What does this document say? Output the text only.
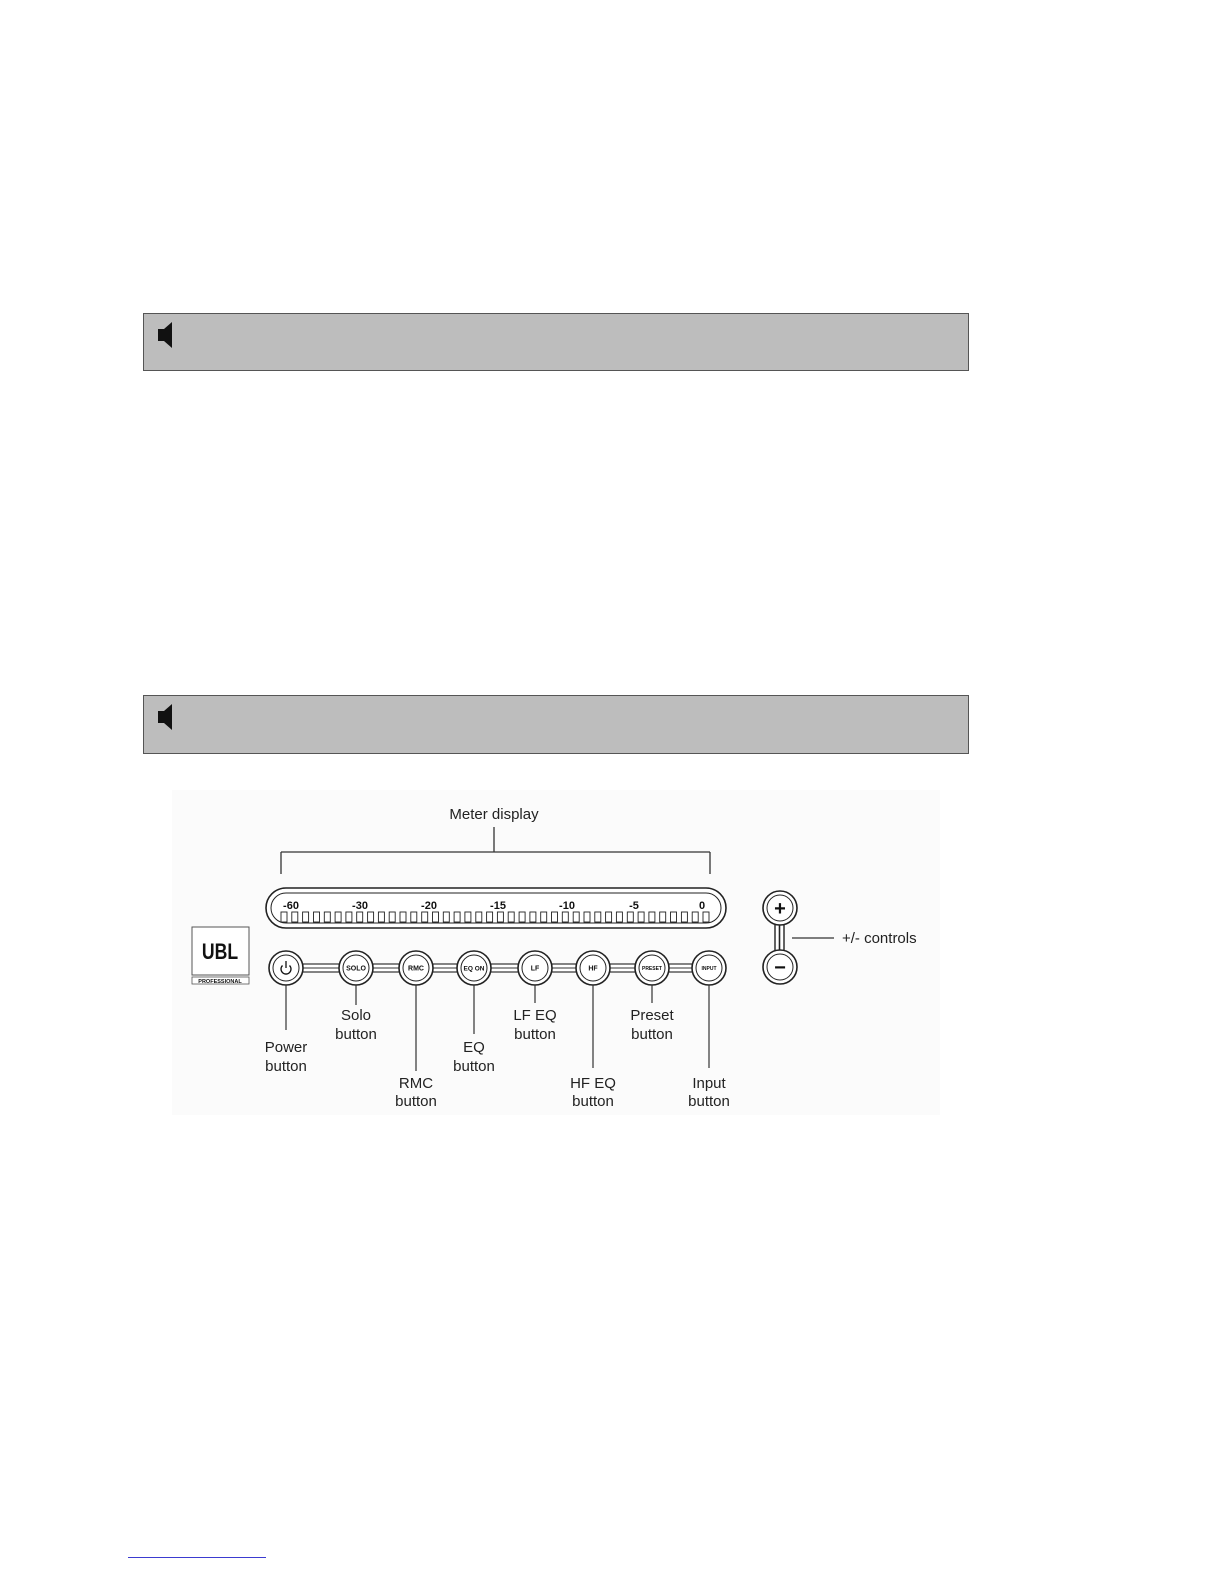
Meter display
-60	-30	-20	-15	-10	-5	0
UBL
PROFESSIONAL
SOLO	RMC	EQ ON	LF	HF	PRESET	INPUT
Power
button
Solo
button
RMC
button
EQ
button
LF EQ
button
HF EQ
button
Preset
button
Input
button
+
−
+/- controls
